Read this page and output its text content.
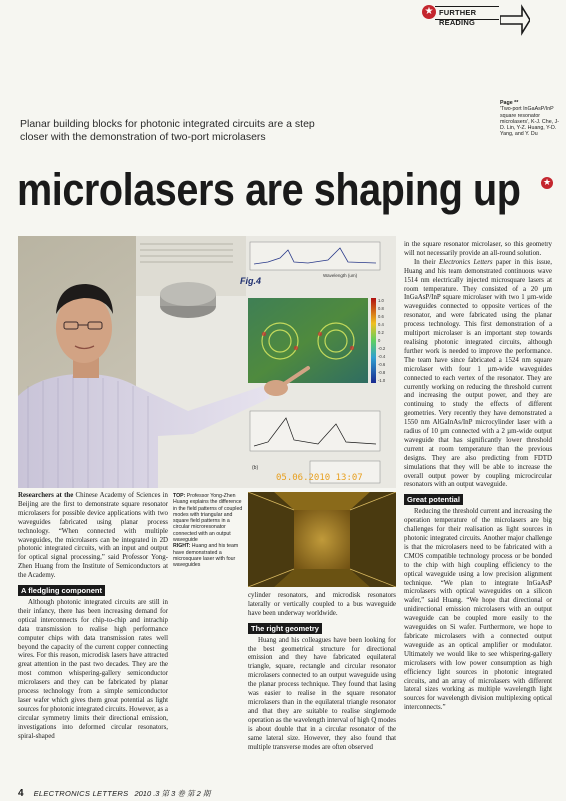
★ FURTHER READING
Page **
'Two-port InGaAsP/InP square resonator microlasers', K-J. Che, J-D. Lin, Y-Z. Huang, Y-D. Yang, and Y. Du
Planar building blocks for photonic integrated circuits are a step closer with the demonstration of two-port microlasers
microlasers are shaping up ★
Fig.4
1.0
0.8
0.6
0.4
0.2
0
-0.2
-0.4
-0.6
-0.8
-1.0
Wavelength (um)
(b)
05.06.2010 13:07

Researchers at the Chinese Academy of Sciences in Beijing are the first to demonstrate square resonator microlasers for possible device applications with two waveguides fabricated using planar process technology. “When connected with multiple waveguides, the microlasers can be integrated in 2D photonic integrated circuits, with an input and output for optical signal processing,” said Professor Yong-Zhen Huang from the Institute of Semiconductors at the Academy.

A fledgling component

Although photonic integrated circuits are still in their infancy, there has been increasing demand for optical interconnects for chip-to-chip and intrachip data transmission to realise high performance computer chips with data transmission rates well beyond the capacity of the current copper connecting wires. For this reason, microdisk lasers have attracted great attention in the past two decades. They are the most common whispering-gallery semiconductor microlasers and they can be fabricated by planar process technology from a simple semiconductor laser wafer which gives them great potential as light sources for photonic integrated circuits. However, as a circular symmetry limits their directional emission, investigations into deformed circular resonators, spiral-shaped

TOP: Professor Yong-Zhen Huang explains the difference in the field patterns of coupled modes with triangular and square field patterns in a circular microresonator connected with an output waveguide
RIGHT: Huang and his team have demonstrated a microsquare laser with four waveguides

cylinder resonators, and microdisk resonators laterally or vertically coupled to a bus waveguide have been underway worldwide.

The right geometry

Huang and his colleagues have been looking for the best geometrical structure for directional emission and they have fabricated equilateral triangle, square, rectangle and circular resonator microlasers connected to an output waveguide using the planar process technique. They found that lasing was easier to realise in the square resonator microlasers than in the equilateral triangle resonator and that they are suitable to realise singlemode operation as the wavelength interval of high Q modes is about double that in a circular resonator of the same lateral size. However, they also found that multiple transverse modes are often observed

in the square resonator microlaser, so this geometry will not necessarily provide an all-round solution.

In their Electronics Letters paper in this issue, Huang and his team demonstrated continuous wave 1514 nm electrically injected microsquare lasers at room temperature. They consisted of a 20 µm InGaAsP/InP square microlaser with two 1 µm-wide waveguides connected to opposite vertices of the resonator, and were fabricated using the planar process technology. This first demonstration of a multiport microlaser is an important step towards realising photonic integrated circuits, although further work is needed to improve the performance. The team have since fabricated a 1524 nm square microlaser with four 1 µm-wide waveguides connected to each vertex of the resonator. They are currently working on reducing the threshold current and increasing the output power, and they are continuing to study the effects of different geometries. Very recently they have demonstrated a 1550 nm AlGaInAs/InP microcylinder laser with a radius of 10 µm connected with a 2 µm-wide output waveguide that has significantly lower threshold current at room temperature than the previous designs. They are also predicting from FDTD simulations that they will be able to increase the overall output power by coupling microcircular resonators with an output waveguide.

Great potential

Reducing the threshold current and increasing the operation temperature of the microlasers are big challenges for their realisation as light sources in photonic integrated circuits. Another major challenge is that the microlasers need to be fabricated with a CMOS compatible technology process or be bonded to the chip with high coupling efficiency to the optical waveguide using a low precision alignment technique. “We plan to integrate InGaAsP microlasers with optical waveguides on a silicon wafer,” said Huang. “We hope that directional or unidirectional emission microlasers with an output waveguide can be coupled more easily to the waveguides on Si wafer. Furthermore, we hope to fabricate microlasers with a connected output waveguide as an optical amplifier or modulator. Ultimately we would like to see whispering-gallery microlasers with low power consumption as high efficiency light sources in photonic integrated circuits, and an array of microlasers with different lateral sizes working as multiple wavelength light sources for wavelength division multiplexing optical interconnects.”

4 ELECTRONICS LETTERS 2010 .3 第 3 卷 第 2 期
